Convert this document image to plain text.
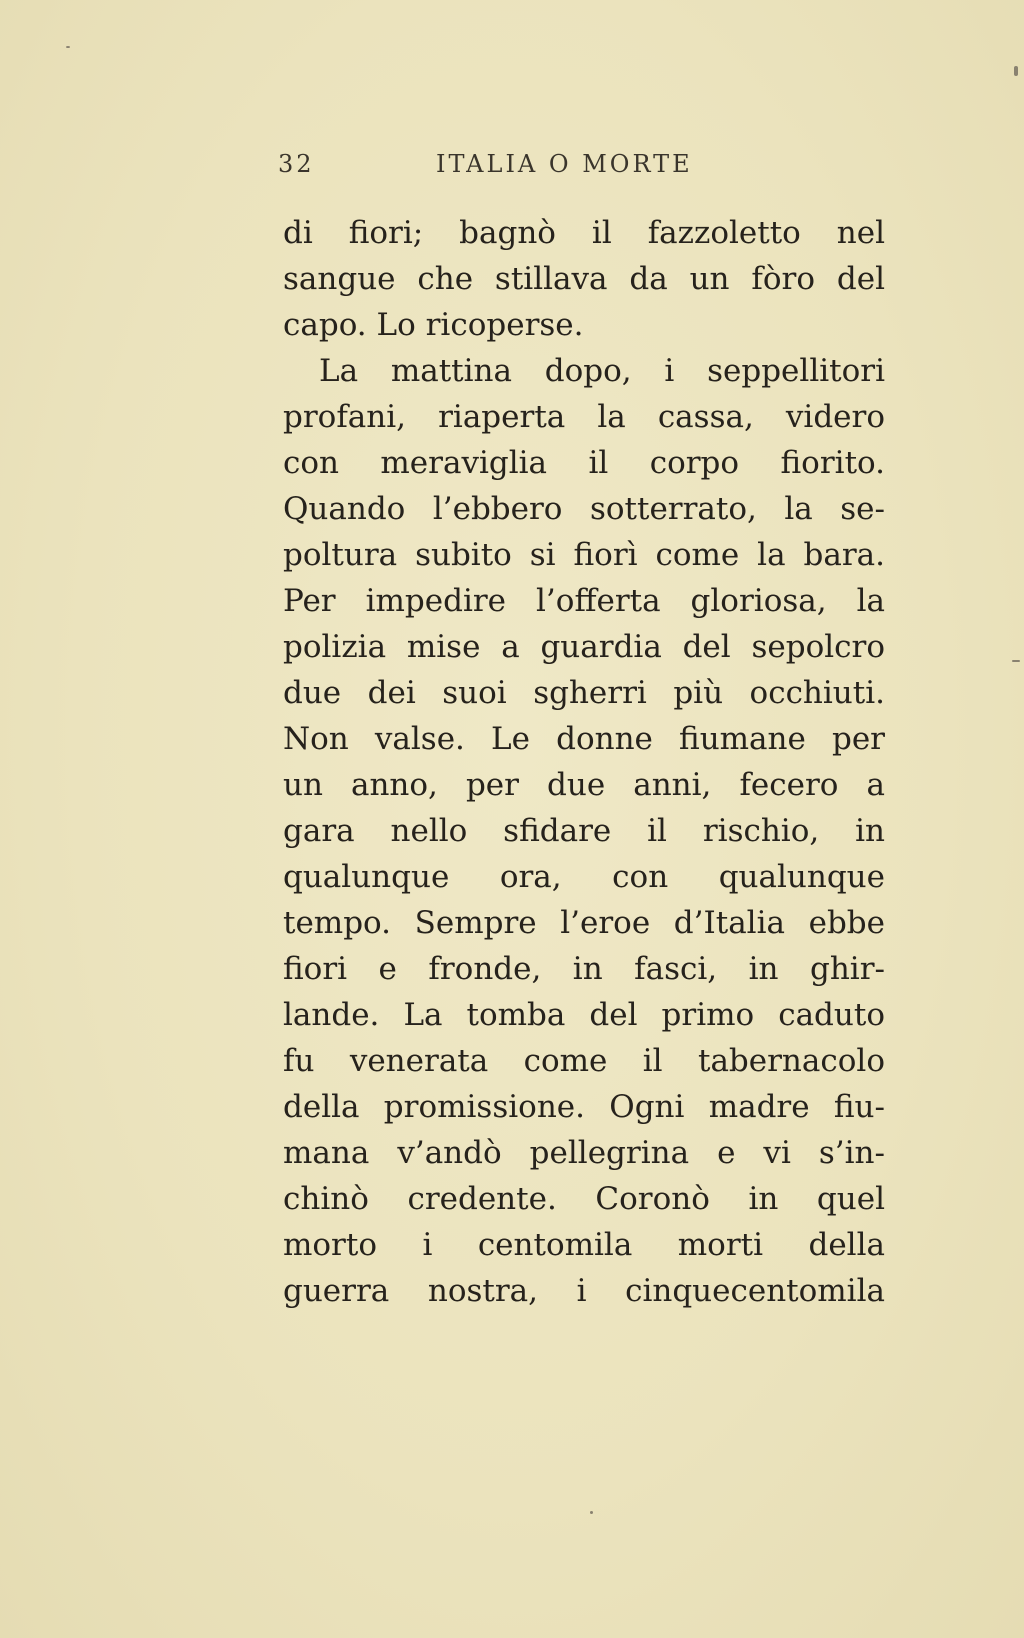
32	ITALIA O MORTE
di fiori; bagnò il fazzoletto nel
sangue che stillava da un fòro del
capo. Lo ricoperse.
La mattina dopo, i seppellitori
profani, riaperta la cassa, videro
con meraviglia il corpo fiorito.
Quando l’ebbero sotterrato, la se-
poltura subito si fiorì come la bara.
Per impedire l’offerta gloriosa, la
polizia mise a guardia del sepolcro
due dei suoi sgherri più occhiuti.
Non valse. Le donne fiumane per
un anno, per due anni, fecero a
gara nello sfidare il rischio, in
qualunque ora, con qualunque
tempo. Sempre l’eroe d’Italia ebbe
fiori e fronde, in fasci, in ghir-
lande. La tomba del primo caduto
fu venerata come il tabernacolo
della promissione. Ogni madre fiu-
mana v’andò pellegrina e vi s’in-
chinò credente. Coronò in quel
morto i centomila morti della
guerra nostra, i cinquecentomila
